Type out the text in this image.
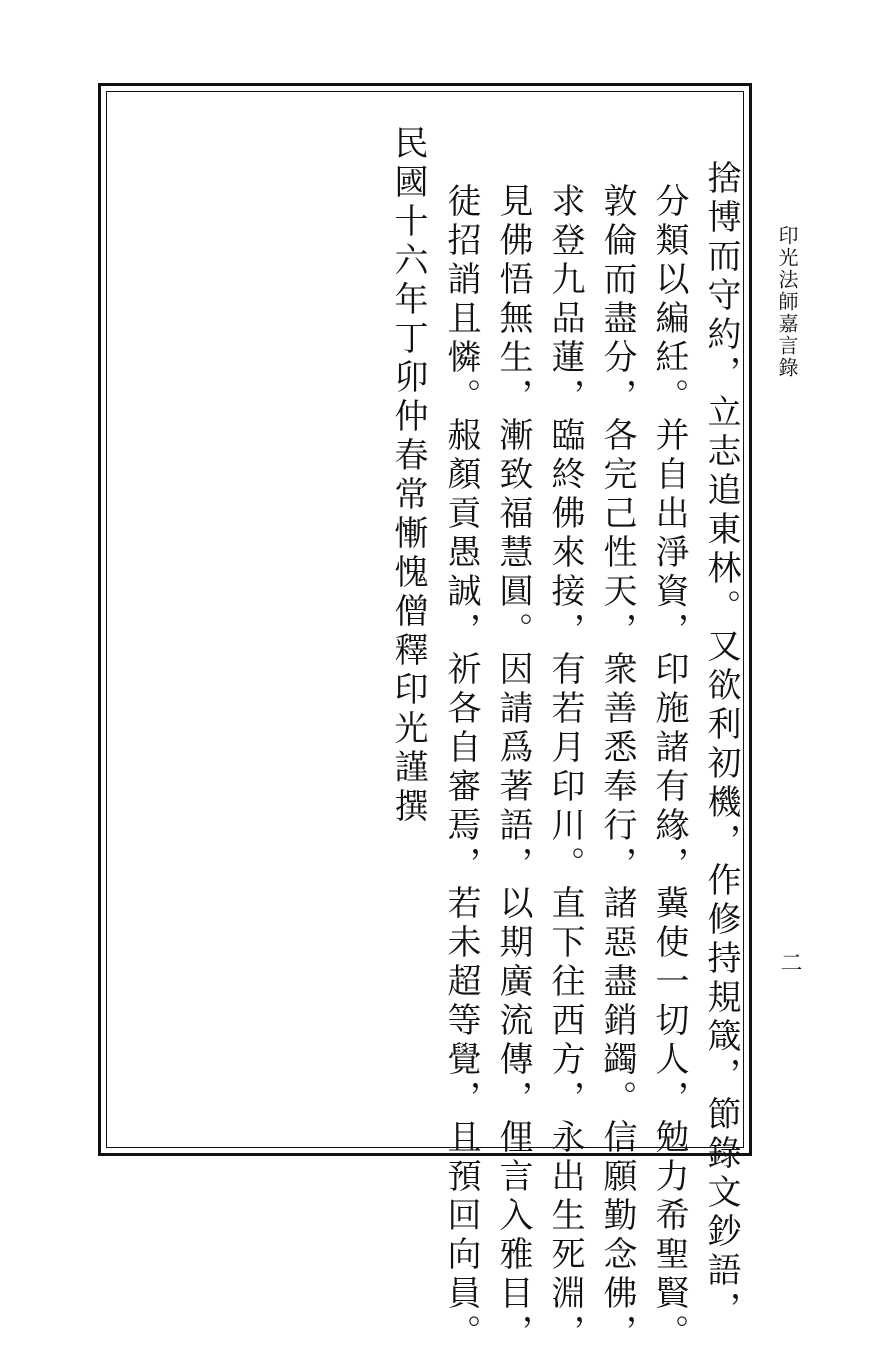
捨博而守約，立志追東林。又欲利初機，作修持規箴，節錄文鈔語，
分類以編紝。并自出淨資，印施諸有緣，冀使一切人，勉力希聖賢。
敦倫而盡分，各完己性天，衆善悉奉行，諸惡盡銷蠲。信願勤念佛，
求登九品蓮，臨終佛來接，有若月印川。直下往西方，永出生死淵，
見佛悟無生，漸致福慧圓。因請爲著語，以期廣流傳，俚言入雅目，
徒招誚且憐。赧顏貢愚誠，祈各自審焉，若未超等覺，且預回向員。
民國十六年丁卯仲春常慚愧僧釋印光謹撰	印光法師嘉言錄
二
